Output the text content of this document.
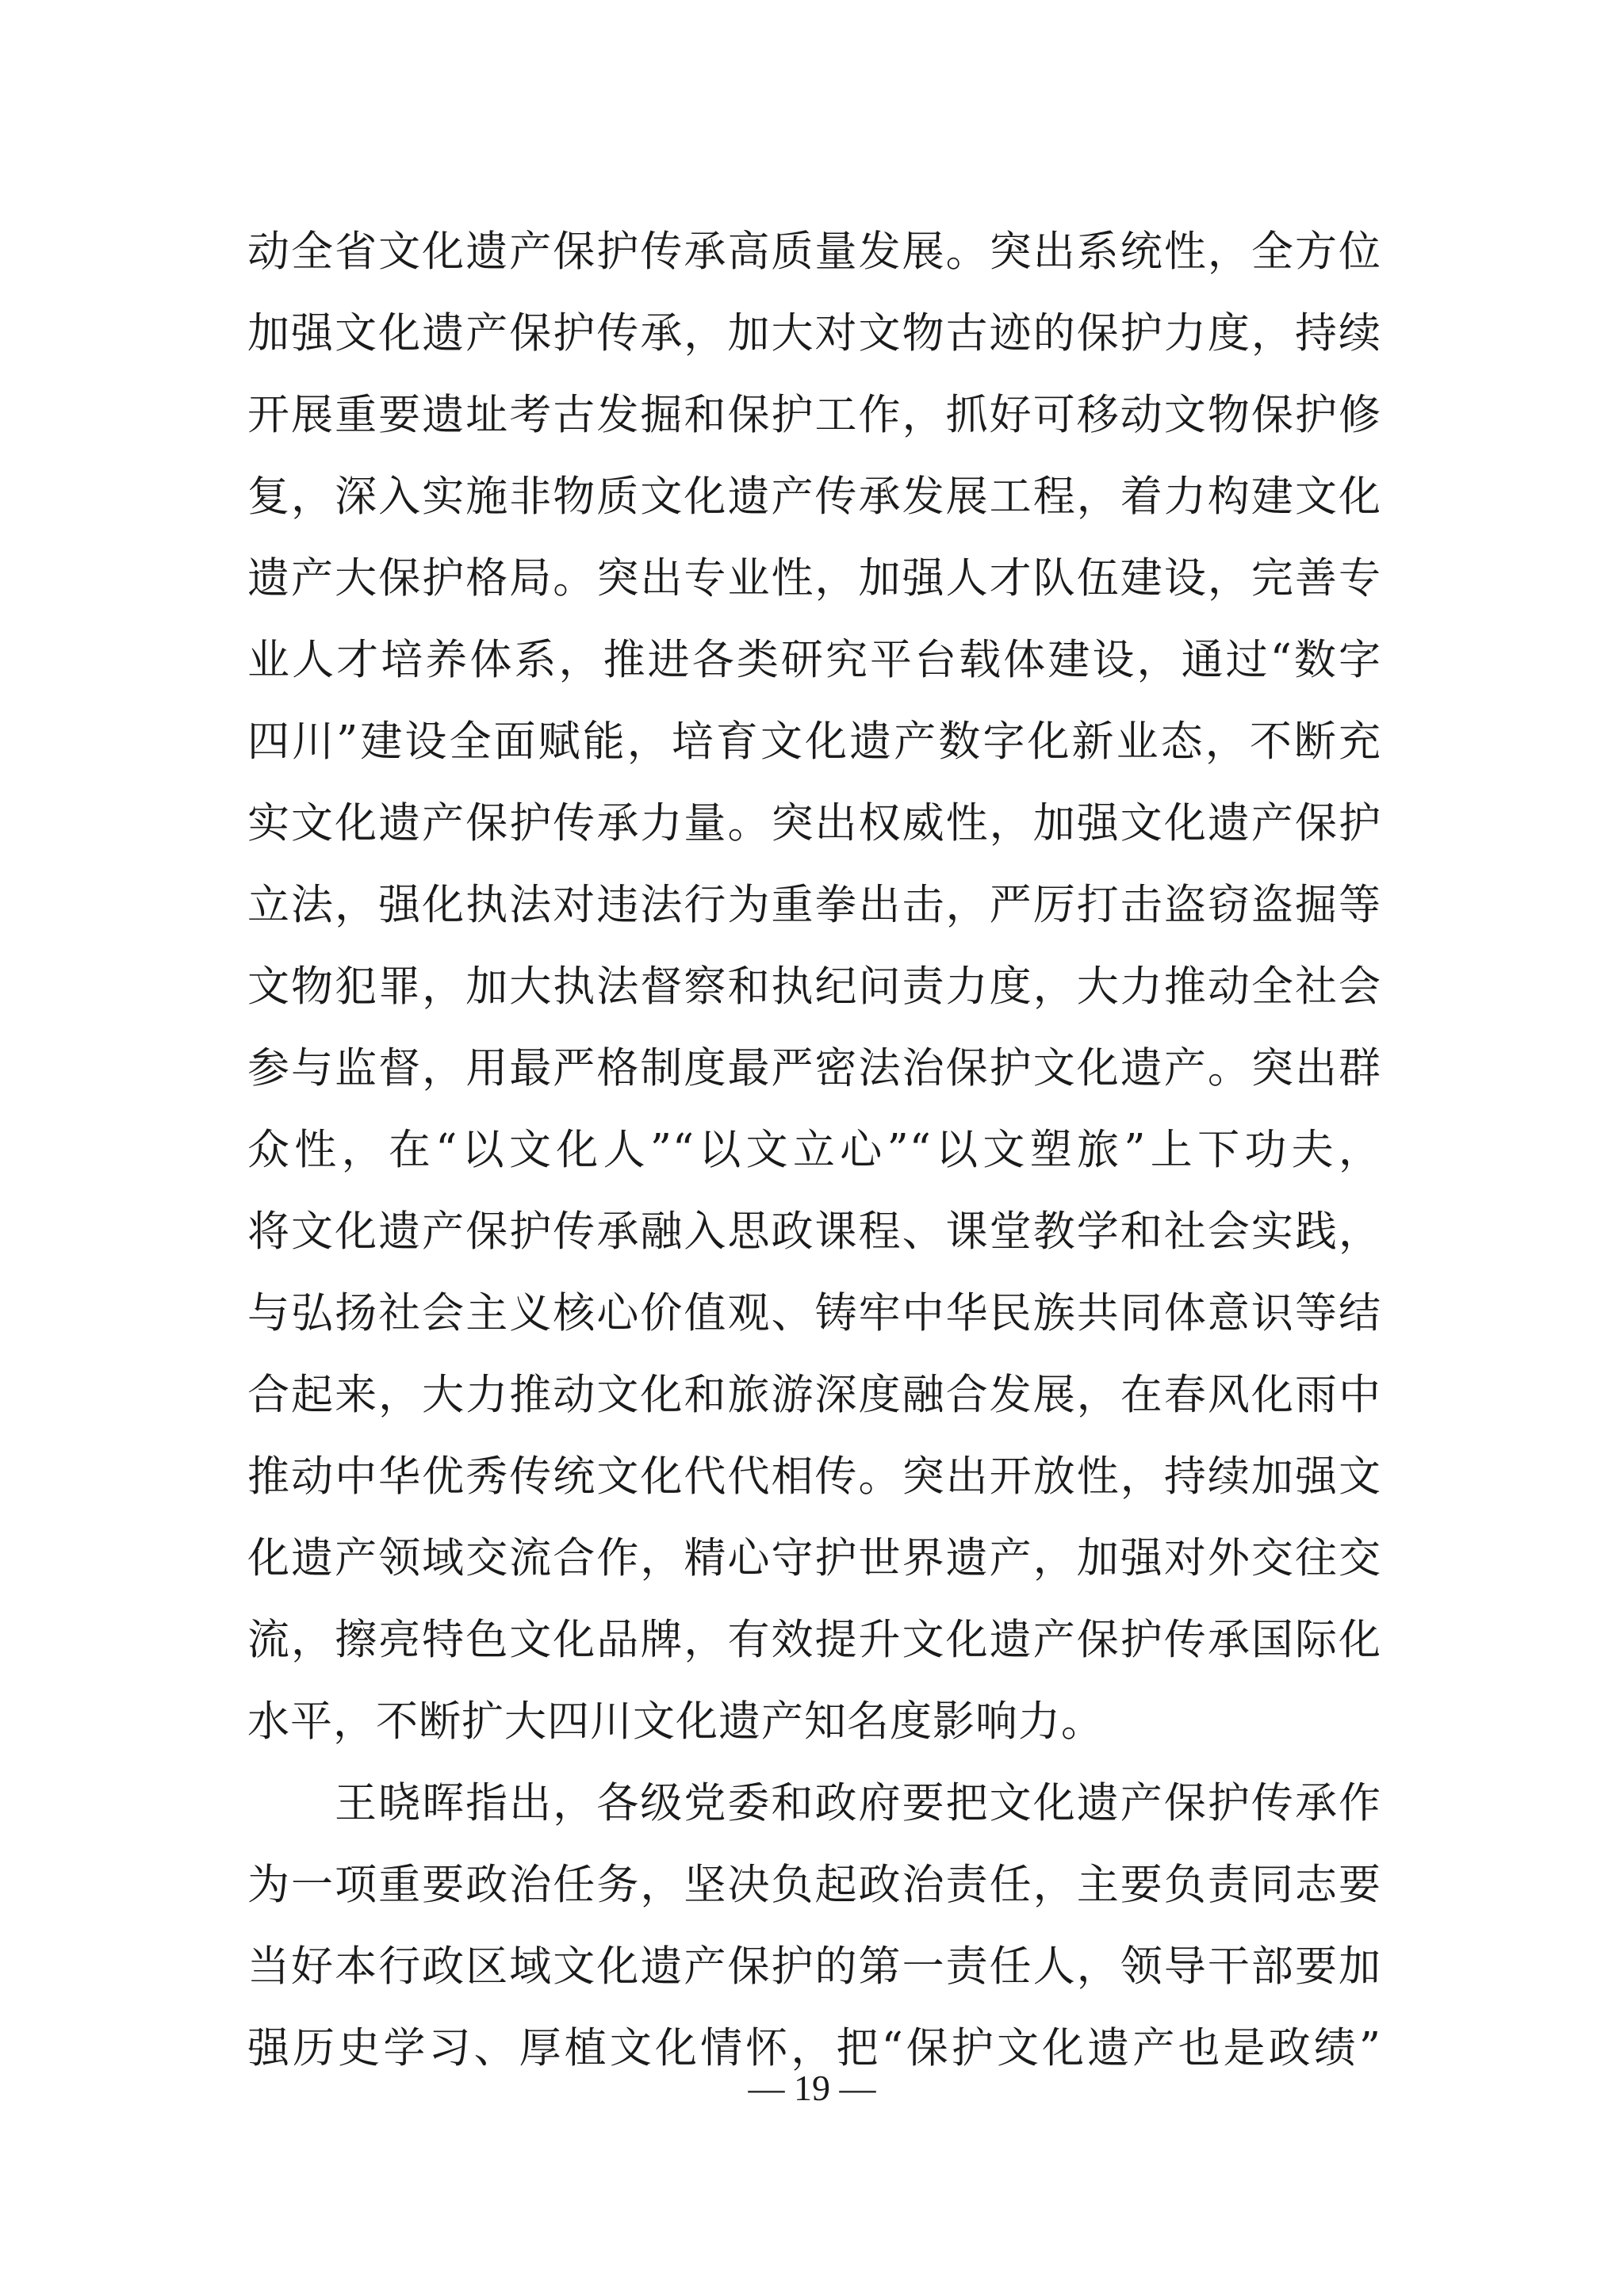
动全省文化遗产保护传承高质量发展。突出系统性，全方位
加强文化遗产保护传承，加大对文物古迹的保护力度，持续
开展重要遗址考古发掘和保护工作，抓好可移动文物保护修
复，深入实施非物质文化遗产传承发展工程，着力构建文化
遗产大保护格局。突出专业性，加强人才队伍建设，完善专
业人才培养体系，推进各类研究平台载体建设，通过“数字
四川”建设全面赋能，培育文化遗产数字化新业态，不断充
实文化遗产保护传承力量。突出权威性，加强文化遗产保护
立法，强化执法对违法行为重拳出击，严厉打击盗窃盗掘等
文物犯罪，加大执法督察和执纪问责力度，大力推动全社会
参与监督，用最严格制度最严密法治保护文化遗产。突出群
众性，在“以文化人”“以文立心”“以文塑旅”上下功夫，
将文化遗产保护传承融入思政课程、课堂教学和社会实践，
与弘扬社会主义核心价值观、铸牢中华民族共同体意识等结
合起来，大力推动文化和旅游深度融合发展，在春风化雨中
推动中华优秀传统文化代代相传。突出开放性，持续加强文
化遗产领域交流合作，精心守护世界遗产，加强对外交往交
流，擦亮特色文化品牌，有效提升文化遗产保护传承国际化
水平，不断扩大四川文化遗产知名度影响力。
王晓晖指出，各级党委和政府要把文化遗产保护传承作
为一项重要政治任务，坚决负起政治责任，主要负责同志要
当好本行政区域文化遗产保护的第一责任人，领导干部要加
强历史学习、厚植文化情怀，把“保护文化遗产也是政绩”
— 19 —
